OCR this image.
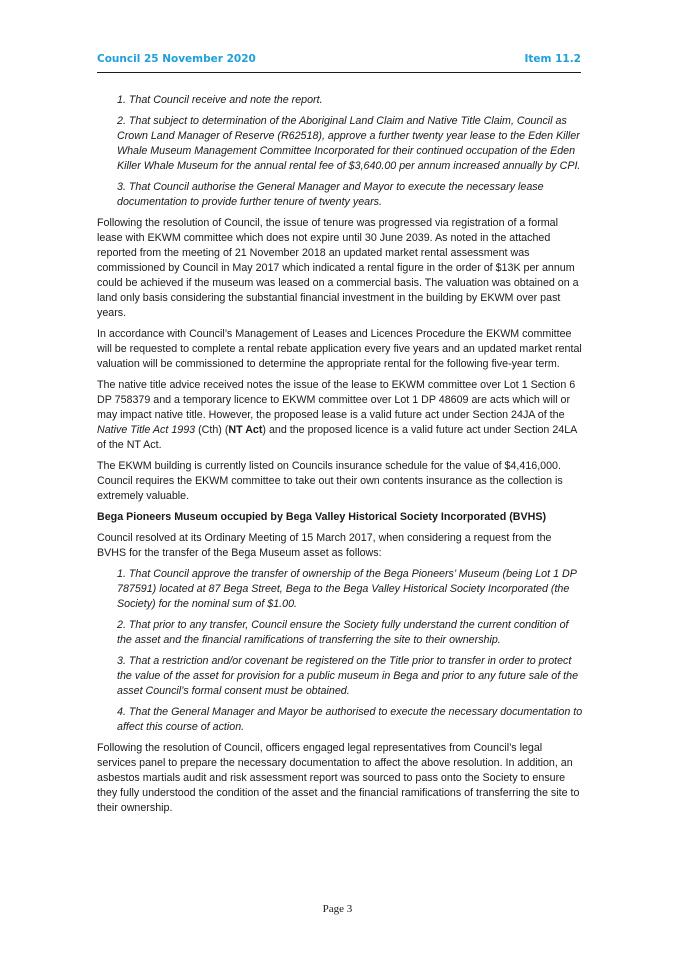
Council 25 November 2020	Item 11.2

1. That Council receive and note the report.

2. That subject to determination of the Aboriginal Land Claim and Native Title Claim, Council as Crown Land Manager of Reserve (R62518), approve a further twenty year lease to the Eden Killer Whale Museum Management Committee Incorporated for their continued occupation of the Eden Killer Whale Museum for the annual rental fee of $3,640.00 per annum increased annually by CPI.

3. That Council authorise the General Manager and Mayor to execute the necessary lease documentation to provide further tenure of twenty years.

Following the resolution of Council, the issue of tenure was progressed via registration of a formal lease with EKWM committee which does not expire until 30 June 2039. As noted in the attached reported from the meeting of 21 November 2018 an updated market rental assessment was commissioned by Council in May 2017 which indicated a rental figure in the order of $13K per annum could be achieved if the museum was leased on a commercial basis. The valuation was obtained on a land only basis considering the substantial financial investment in the building by EKWM over past years.

In accordance with Council’s Management of Leases and Licences Procedure the EKWM committee will be requested to complete a rental rebate application every five years and an updated market rental valuation will be commissioned to determine the appropriate rental for the following five-year term.

The native title advice received notes the issue of the lease to EKWM committee over Lot 1 Section 6 DP 758379 and a temporary licence to EKWM committee over Lot 1 DP 48609 are acts which will or may impact native title. However, the proposed lease is a valid future act under Section 24JA of the Native Title Act 1993 (Cth) (NT Act) and the proposed licence is a valid future act under Section 24LA of the NT Act.

The EKWM building is currently listed on Councils insurance schedule for the value of $4,416,000. Council requires the EKWM committee to take out their own contents insurance as the collection is extremely valuable.

Bega Pioneers Museum occupied by Bega Valley Historical Society Incorporated (BVHS)

Council resolved at its Ordinary Meeting of 15 March 2017, when considering a request from the BVHS for the transfer of the Bega Museum asset as follows:

1. That Council approve the transfer of ownership of the Bega Pioneers’ Museum (being Lot 1 DP 787591) located at 87 Bega Street, Bega to the Bega Valley Historical Society Incorporated (the Society) for the nominal sum of $1.00.

2. That prior to any transfer, Council ensure the Society fully understand the current condition of the asset and the financial ramifications of transferring the site to their ownership.

3. That a restriction and/or covenant be registered on the Title prior to transfer in order to protect the value of the asset for provision for a public museum in Bega and prior to any future sale of the asset Council’s formal consent must be obtained.

4. That the General Manager and Mayor be authorised to execute the necessary documentation to affect this course of action.

Following the resolution of Council, officers engaged legal representatives from Council’s legal services panel to prepare the necessary documentation to affect the above resolution. In addition, an asbestos martials audit and risk assessment report was sourced to pass onto the Society to ensure they fully understood the condition of the asset and the financial ramifications of transferring the site to their ownership.

Page 3
